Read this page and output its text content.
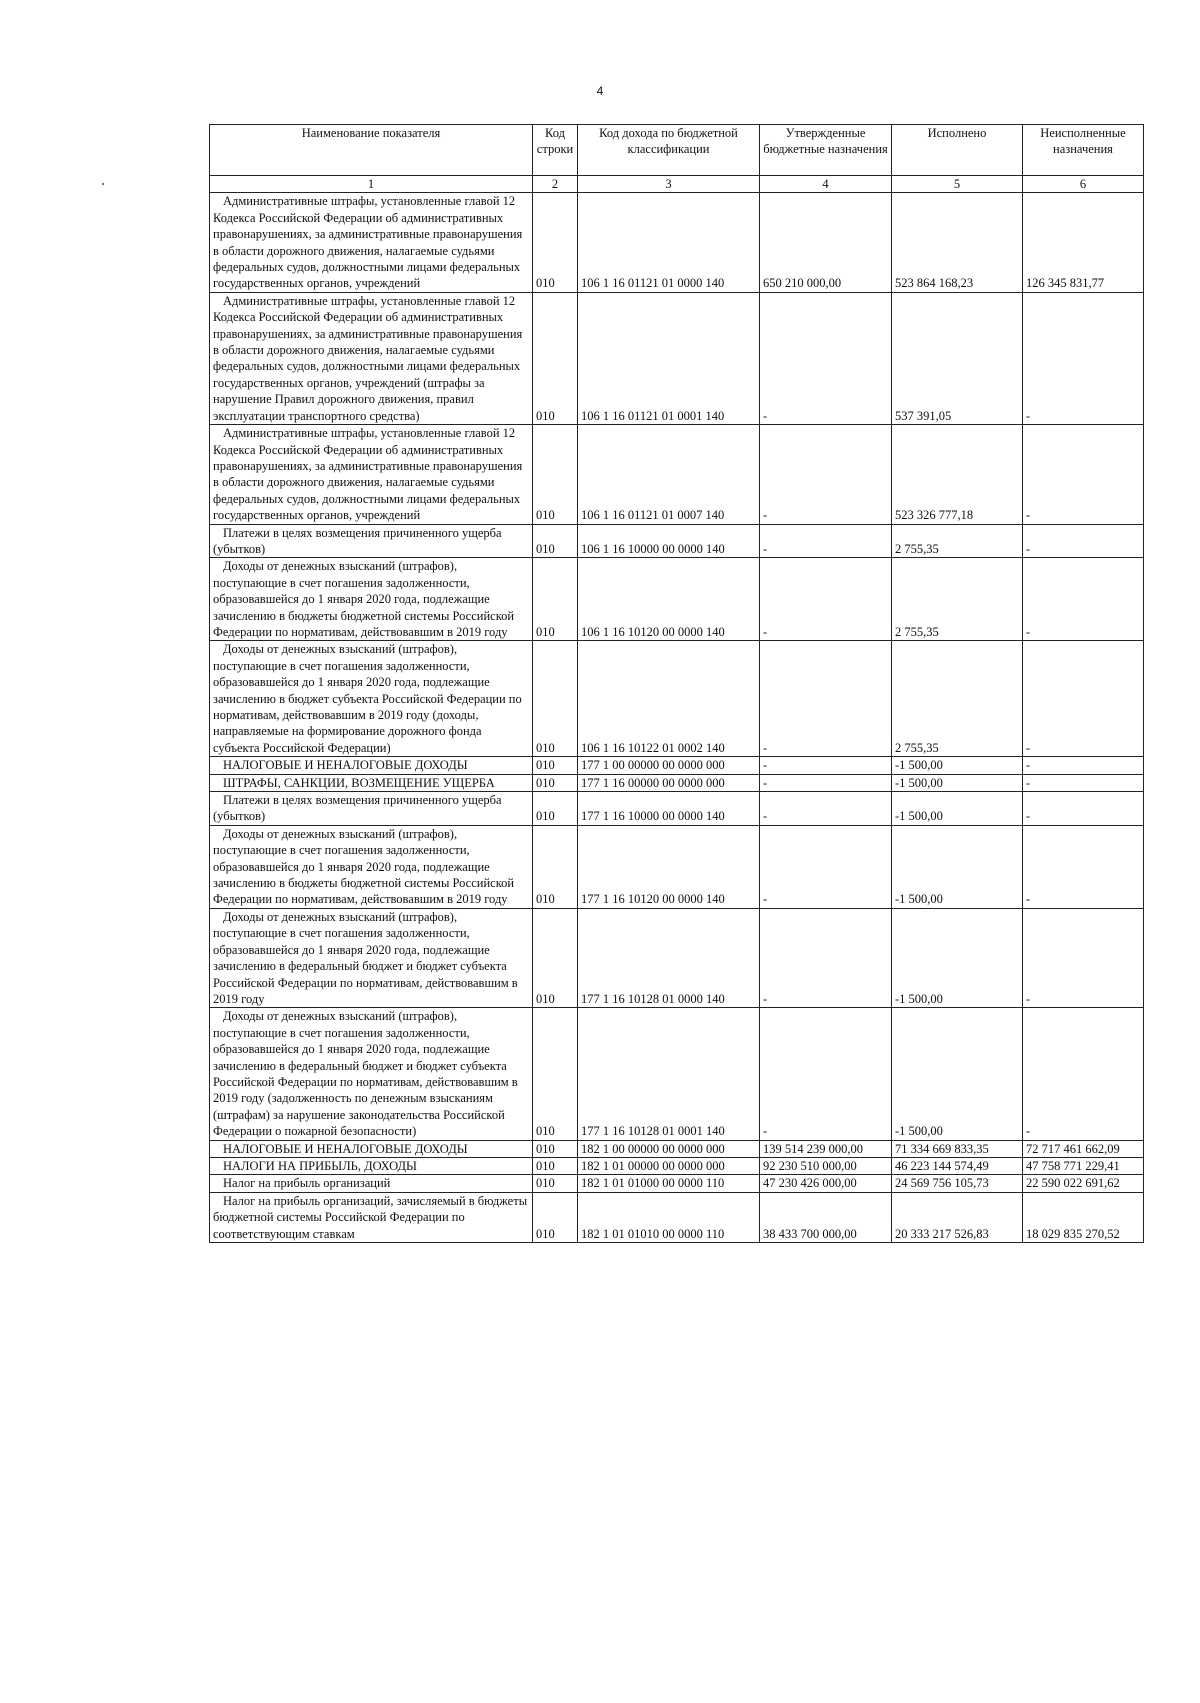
4
Наименование показателя	Код строки	Код дохода по бюджетной классификации	Утвержденные бюджетные назначения	Исполнено	Неисполненные назначения
1	2	3	4	5	6
Административные штрафы, установленные главой 12 Кодекса Российской Федерации об административных правонарушениях, за административные правонарушения в области дорожного движения, налагаемые судьями федеральных судов, должностными лицами федеральных государственных органов, учреждений	010	106 1 16 01121 01 0000 140	650 210 000,00	523 864 168,23	126 345 831,77
Административные штрафы, установленные главой 12 Кодекса Российской Федерации об административных правонарушениях, за административные правонарушения в области дорожного движения, налагаемые судьями федеральных судов, должностными лицами федеральных государственных органов, учреждений (штрафы за нарушение Правил дорожного движения, правил эксплуатации транспортного средства)	010	106 1 16 01121 01 0001 140	-	537 391,05	-
Административные штрафы, установленные главой 12 Кодекса Российской Федерации об административных правонарушениях, за административные правонарушения в области дорожного движения, налагаемые судьями федеральных судов, должностными лицами федеральных государственных органов, учреждений	010	106 1 16 01121 01 0007 140	-	523 326 777,18	-
Платежи в целях возмещения причиненного ущерба (убытков)	010	106 1 16 10000 00 0000 140	-	2 755,35	-
Доходы от денежных взысканий (штрафов), поступающие в счет погашения задолженности, образовавшейся до 1 января 2020 года, подлежащие зачислению в бюджеты бюджетной системы Российской Федерации по нормативам, действовавшим в 2019 году	010	106 1 16 10120 00 0000 140	-	2 755,35	-
Доходы от денежных взысканий (штрафов), поступающие в счет погашения задолженности, образовавшейся до 1 января 2020 года, подлежащие зачислению в бюджет субъекта Российской Федерации по нормативам, действовавшим в 2019 году (доходы, направляемые на формирование дорожного фонда субъекта Российской Федерации)	010	106 1 16 10122 01 0002 140	-	2 755,35	-
НАЛОГОВЫЕ И НЕНАЛОГОВЫЕ ДОХОДЫ	010	177 1 00 00000 00 0000 000	-	-1 500,00	-
ШТРАФЫ, САНКЦИИ, ВОЗМЕЩЕНИЕ УЩЕРБА	010	177 1 16 00000 00 0000 000	-	-1 500,00	-
Платежи в целях возмещения причиненного ущерба (убытков)	010	177 1 16 10000 00 0000 140	-	-1 500,00	-
Доходы от денежных взысканий (штрафов), поступающие в счет погашения задолженности, образовавшейся до 1 января 2020 года, подлежащие зачислению в бюджеты бюджетной системы Российской Федерации по нормативам, действовавшим в 2019 году	010	177 1 16 10120 00 0000 140	-	-1 500,00	-
Доходы от денежных взысканий (штрафов), поступающие в счет погашения задолженности, образовавшейся до 1 января 2020 года, подлежащие зачислению в федеральный бюджет и бюджет субъекта Российской Федерации по нормативам, действовавшим в 2019 году	010	177 1 16 10128 01 0000 140	-	-1 500,00	-
Доходы от денежных взысканий (штрафов), поступающие в счет погашения задолженности, образовавшейся до 1 января 2020 года, подлежащие зачислению в федеральный бюджет и бюджет субъекта Российской Федерации по нормативам, действовавшим в 2019 году (задолженность по денежным взысканиям (штрафам) за нарушение законодательства Российской Федерации о пожарной безопасности)	010	177 1 16 10128 01 0001 140	-	-1 500,00	-
НАЛОГОВЫЕ И НЕНАЛОГОВЫЕ ДОХОДЫ	010	182 1 00 00000 00 0000 000	139 514 239 000,00	71 334 669 833,35	72 717 461 662,09
НАЛОГИ НА ПРИБЫЛЬ, ДОХОДЫ	010	182 1 01 00000 00 0000 000	92 230 510 000,00	46 223 144 574,49	47 758 771 229,41
Налог на прибыль организаций	010	182 1 01 01000 00 0000 110	47 230 426 000,00	24 569 756 105,73	22 590 022 691,62
Налог на прибыль организаций, зачисляемый в бюджеты бюджетной системы Российской Федерации по соответствующим ставкам	010	182 1 01 01010 00 0000 110	38 433 700 000,00	20 333 217 526,83	18 029 835 270,52
